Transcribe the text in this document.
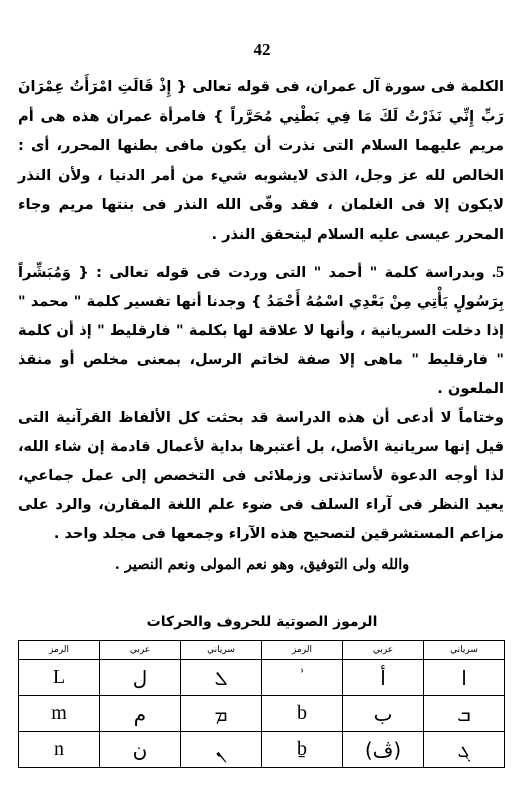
42

الكلمة فى سورة آل عمران، فى قوله تعالى { إِذْ قَالَتِ امْرَأَتُ عِمْرَانَ رَبِّ إِنِّي نَذَرْتُ لَكَ مَا فِي بَطْنِي مُحَرَّراً } فامرأة عمران هذه هى أم مريم عليهما السلام التى نذرت أن يكون مافى بطنها المحرر، أى : الخالص لله عز وجل، الذى لايشوبه شيء من أمر الدنيا ، ولأن النذر لايكون إلا فى الغلمان ، فقد وفّى الله النذر فى بنتها مريم وجاء المحرر عيسى عليه السلام ليتحقق النذر .

5. وبدراسة كلمة " أحمد " التى وردت فى قوله تعالى : { وَمُبَشِّراً بِرَسُولٍ يَأْتِي مِنْ بَعْدِي اسْمُهُ أَحْمَدُ } وجدنا أنها تفسير كلمة " محمد " إذا دخلت السريانية ، وأنها لا علاقة لها بكلمة " فارقليط " إذ أن كلمة " فارقليط " ماهى إلا صفة لخاتم الرسل، بمعنى مخلص أو منقذ الملعون .

وختاماً لا أدعى أن هذه الدراسة قد بحثت كل الألفاظ القرآنية التى قيل إنها سريانية الأصل، بل أعتبرها بداية لأعمال قادمة إن شاء الله، لذا أوجه الدعوة لأساتذتى وزملائى فى التخصص إلى عمل جماعي، يعيد النظر فى آراء السلف فى ضوء علم اللغة المقارن، والرد على مزاعم المستشرقين لتصحيح هذه الآراء وجمعها فى مجلد واحد .

والله ولى التوفيق، وهو نعم المولى ونعم النصير .
الرموز الصوتية للحروف والحركات
سرياني	عربي	الرمز	سرياني	عربي	الرمز
ا	أ	ʾ	ܠ	ل	L
ܒ	ب	b	ܡ	م	m
ܓ	(ڤ)	ḇ	ܢ	ن	n
